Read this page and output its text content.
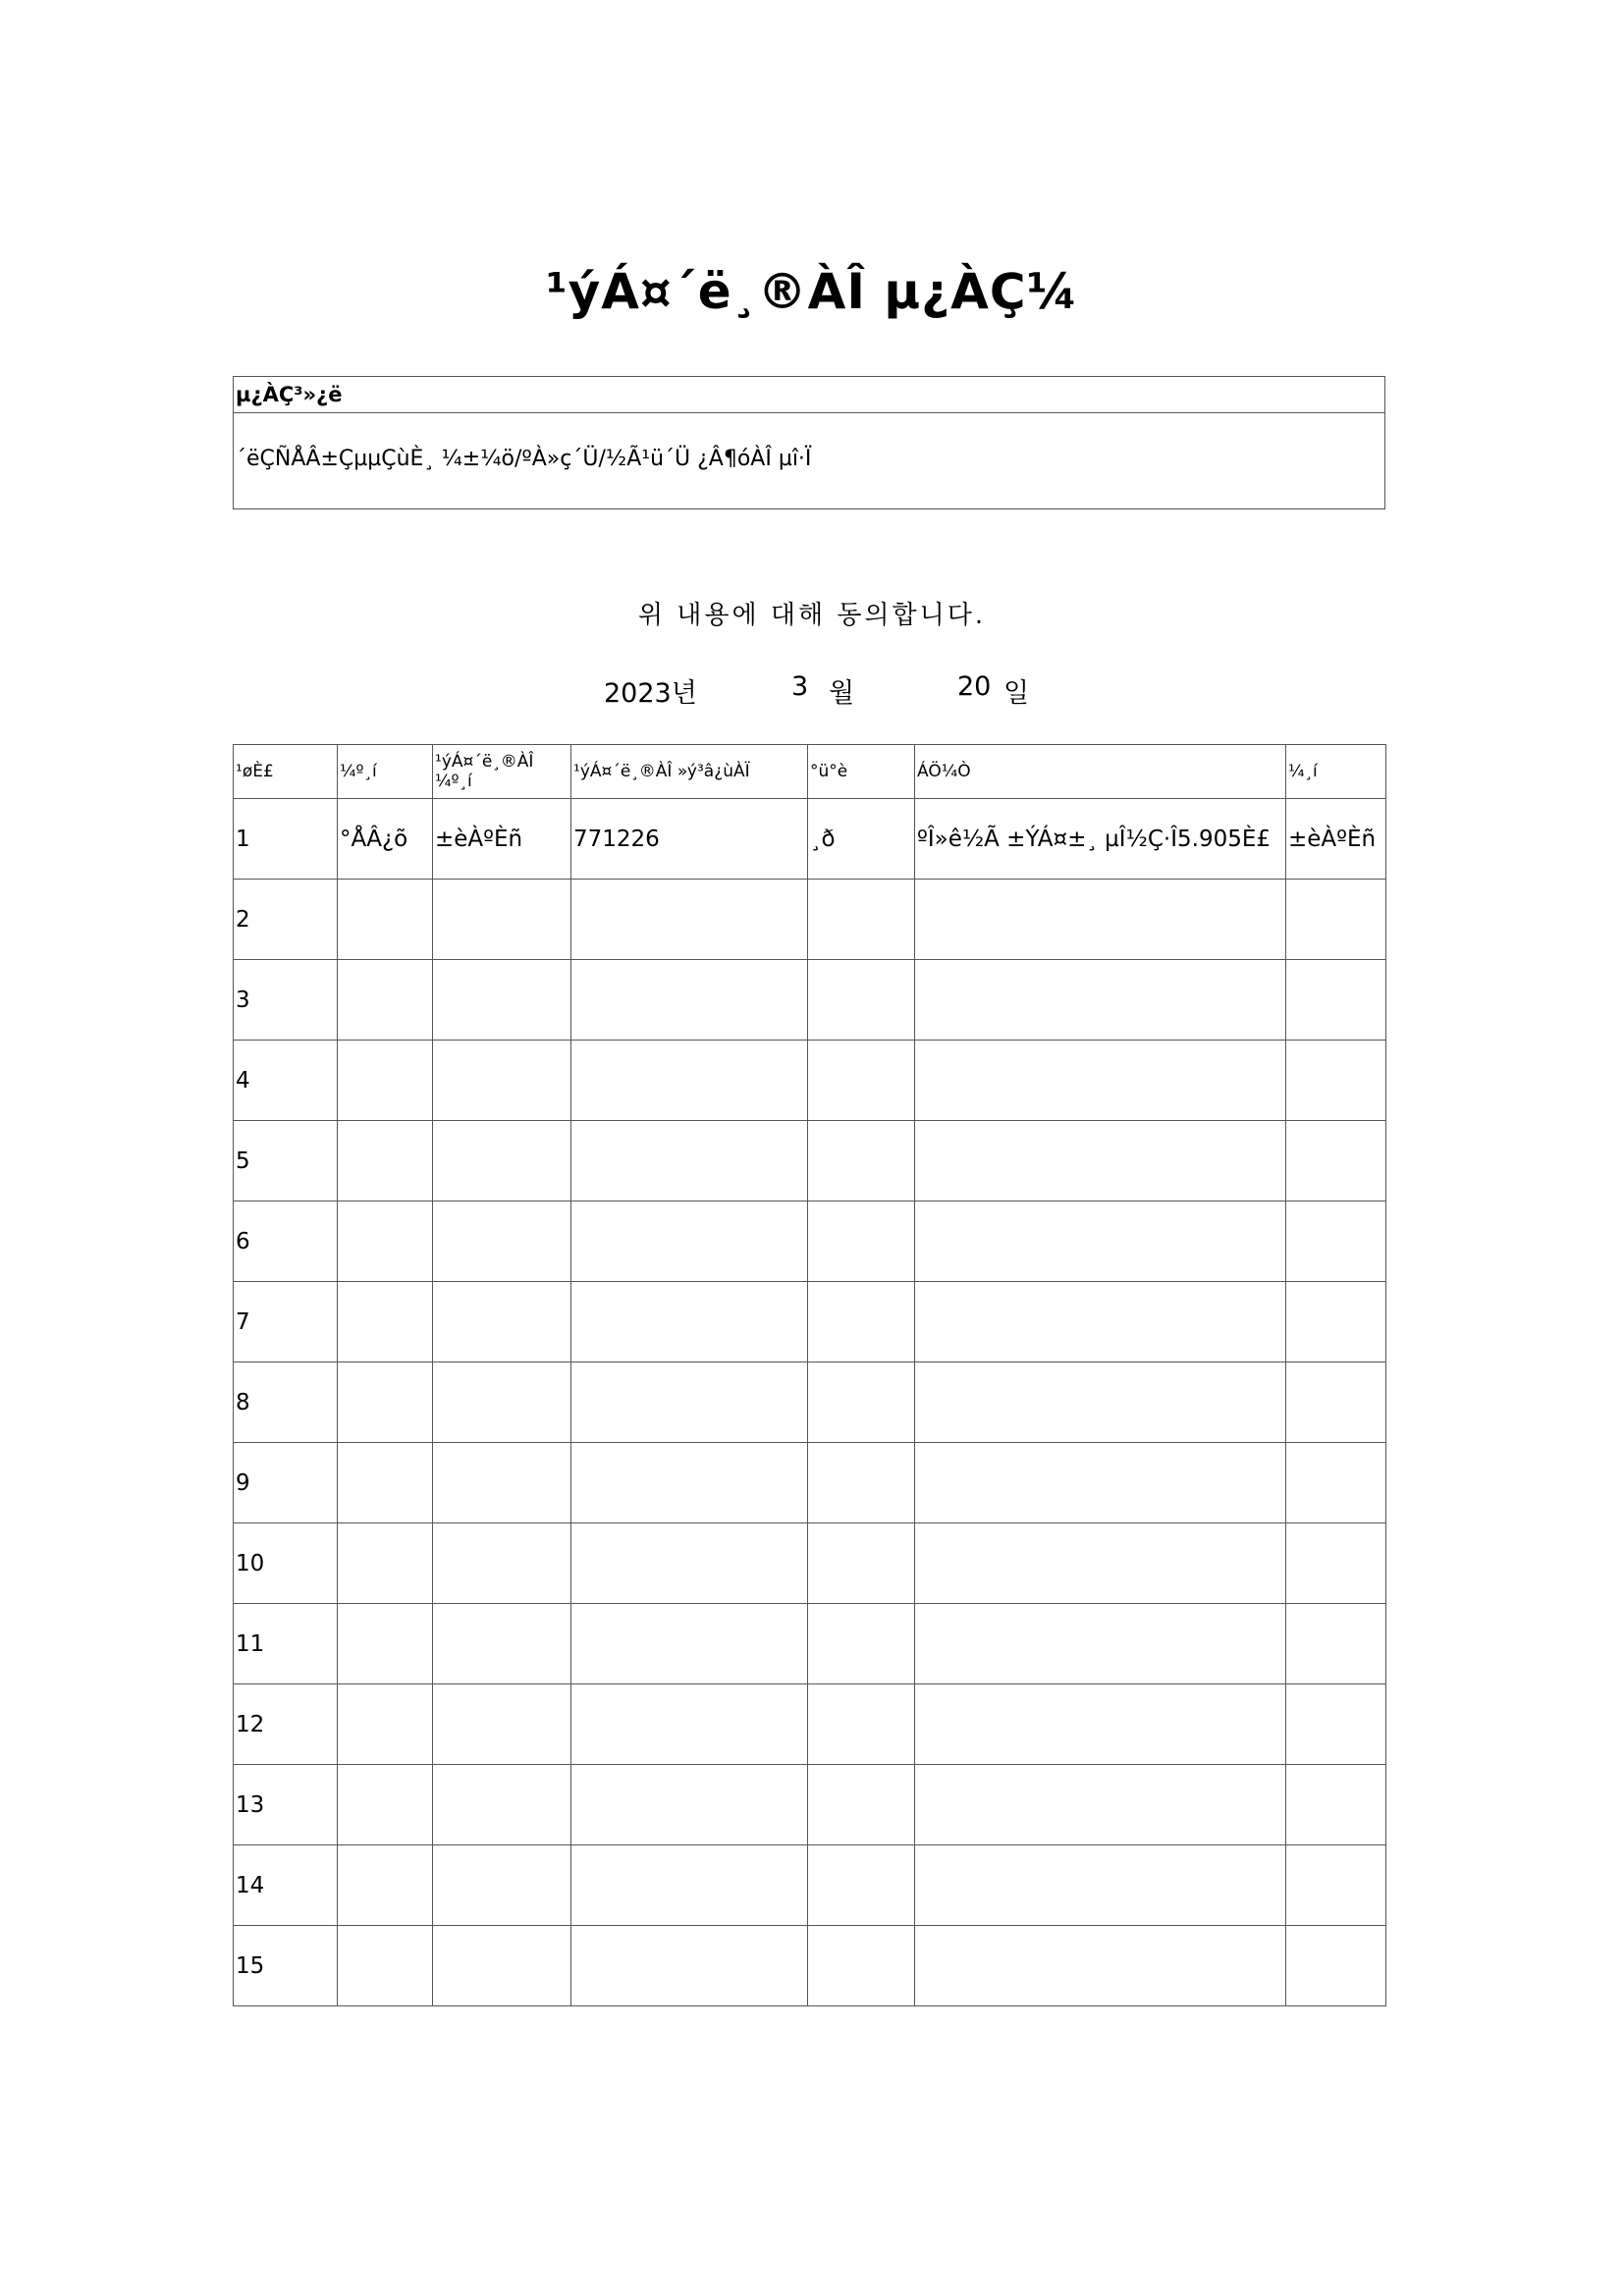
¹ýÁ¤´ë¸®ÀÎ µ¿ÀÇ¼
µ¿ÀÇ³»¿ë
´ëÇÑÅÂ±ÇµµÇùÈ¸ ¼±¼ö/ºÀ»ç´Ü/½Ã¹ü´Ü ¿Â¶óÀÎ µî·Ï
위 내용에 대해 동의합니다.
2023년	3 월	20 일
¹øÈ£	¼º¸í	¹ýÁ¤´ë¸®ÀÎ ¼º¸í	¹ýÁ¤´ë¸®ÀÎ »ý³â¿ùÀÏ	°ü°è	ÁÖ¼Ò	¼¸í
1	°ÅÂ¿õ	±èÀºÈñ	771226	¸ð	ºÎ»ê½Ã ±ÝÁ¤±¸ µÎ½Ç·Î5.905È£	±èÀºÈñ
2						
3						
4						
5						
6						
7						
8						
9						
10						
11						
12						
13						
14						
15						
